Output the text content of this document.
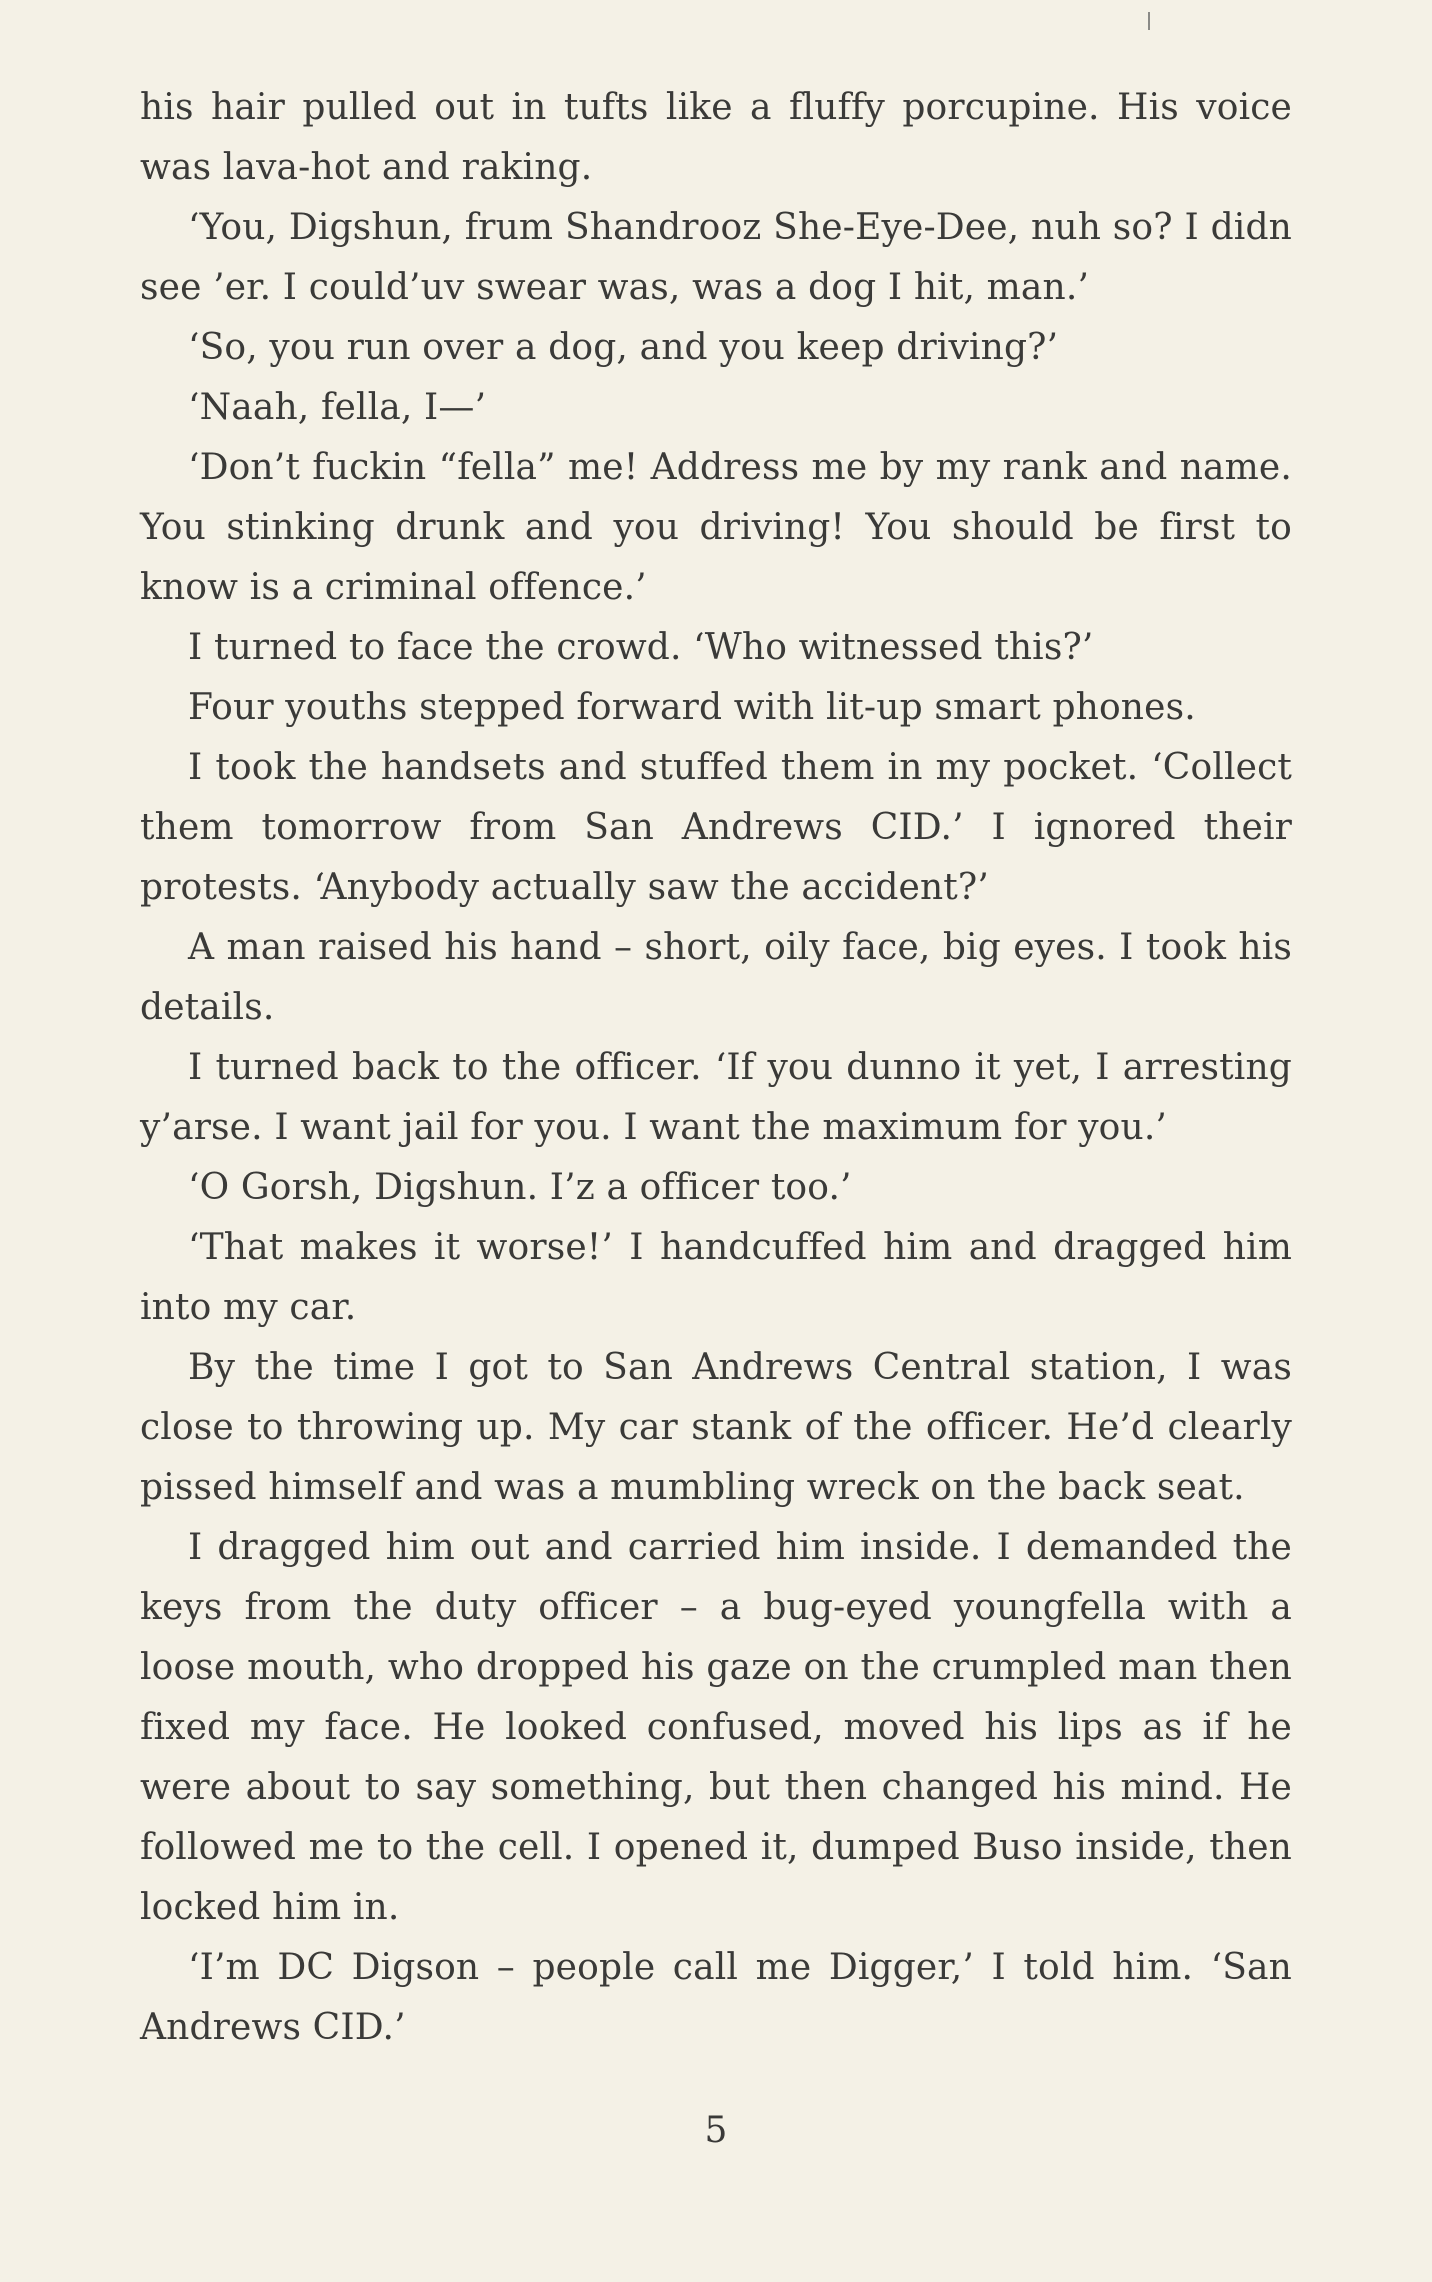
his hair pulled out in tufts like a fluffy porcupine. His voice was lava-hot and raking.

‘You, Digshun, frum Shandrooz She-Eye-Dee, nuh so? I didn see ’er. I could’uv swear was, was a dog I hit, man.’

‘So, you run over a dog, and you keep driving?’

‘Naah, fella, I—’

‘Don’t fuckin “fella” me! Address me by my rank and name. You stinking drunk and you driving! You should be first to know is a criminal offence.’

I turned to face the crowd. ‘Who witnessed this?’

Four youths stepped forward with lit-up smart phones.

I took the handsets and stuffed them in my pocket. ‘Collect them tomorrow from San Andrews CID.’ I ignored their protests. ‘Anybody actually saw the accident?’

A man raised his hand – short, oily face, big eyes. I took his details.

I turned back to the officer. ‘If you dunno it yet, I arresting y’arse. I want jail for you. I want the maximum for you.’

‘O Gorsh, Digshun. I’z a officer too.’

‘That makes it worse!’ I handcuffed him and dragged him into my car.

By the time I got to San Andrews Central station, I was close to throwing up. My car stank of the officer. He’d clearly pissed himself and was a mumbling wreck on the back seat.

I dragged him out and carried him inside. I demanded the keys from the duty officer – a bug-eyed youngfella with a loose mouth, who dropped his gaze on the crumpled man then fixed my face. He looked confused, moved his lips as if he were about to say something, but then changed his mind. He followed me to the cell. I opened it, dumped Buso inside, then locked him in.

‘I’m DC Digson – people call me Digger,’ I told him. ‘San Andrews CID.’

5
